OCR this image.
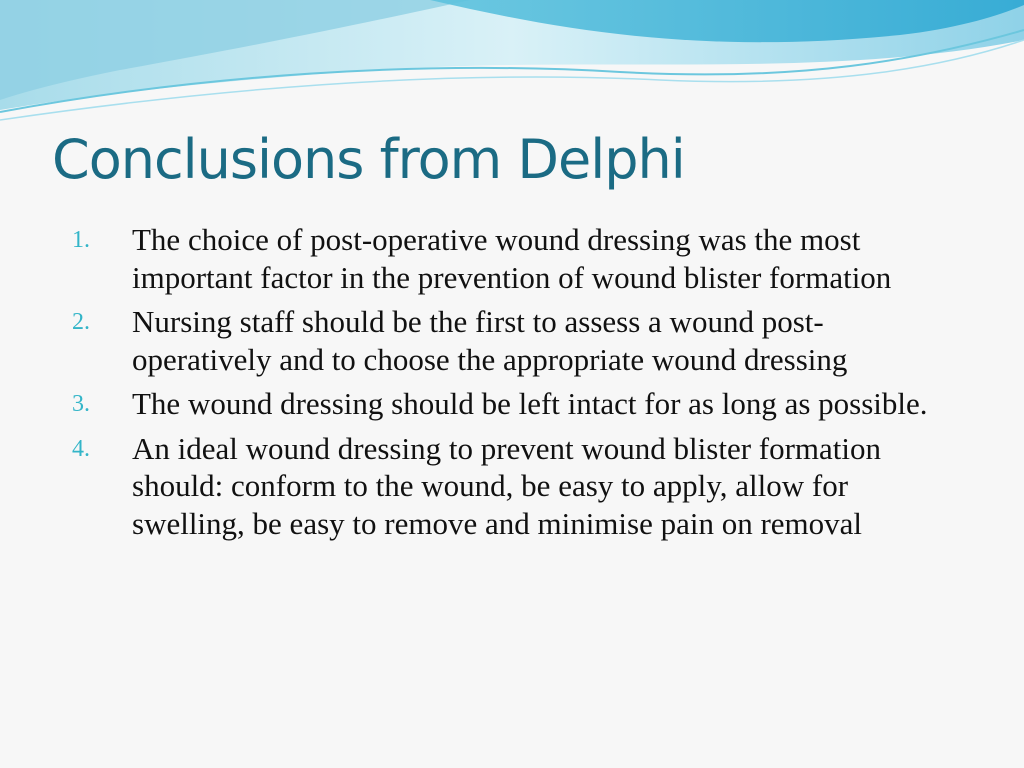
Conclusions from Delphi
1.	The choice of post-operative wound dressing was the most important factor in the prevention of wound blister formation
2.	Nursing staff should be the first to assess a wound post-operatively and to choose the appropriate wound dressing
3.	The wound dressing should be left intact for as long as possible.
4.	An ideal wound dressing to prevent wound blister formation should: conform to the wound, be easy to apply, allow for swelling, be easy to remove and minimise pain on removal
